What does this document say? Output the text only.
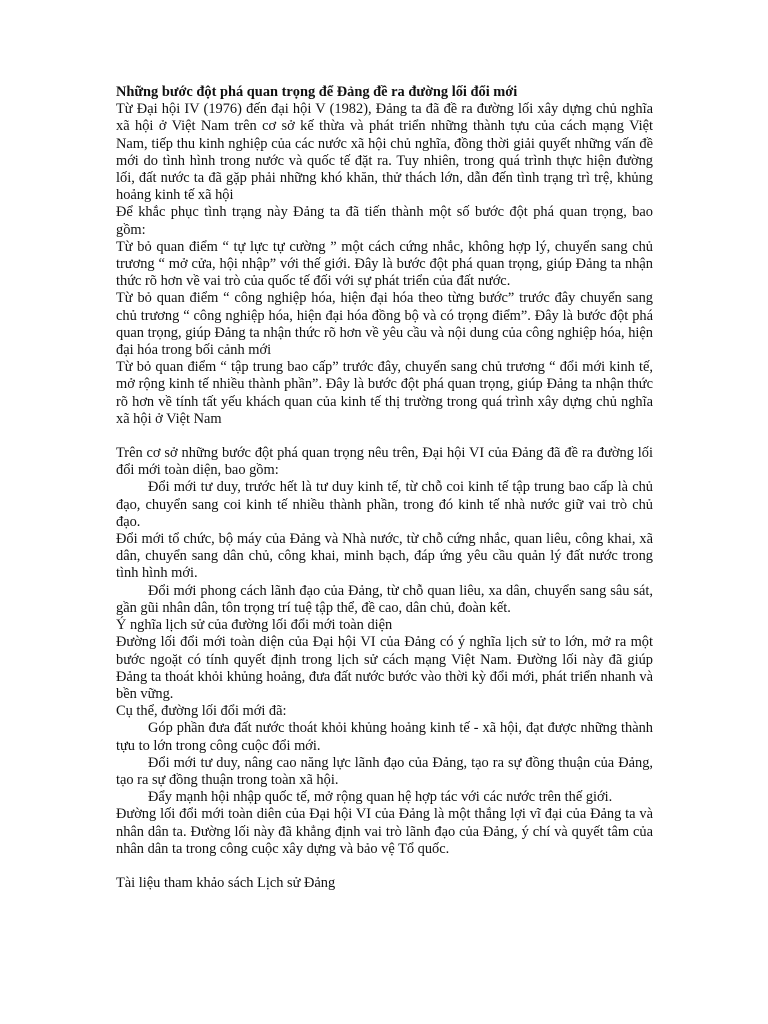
Những bước đột phá quan trọng để Đảng đề ra đường lối đổi mới

Từ Đại hội IV (1976) đến đại hội V (1982), Đảng ta đã đề ra đường lối xây dựng chủ nghĩa xã hội ở Việt Nam trên cơ sở kế thừa và phát triển những thành tựu của cách mạng Việt Nam, tiếp thu kinh nghiệp của các nước xã hội chủ nghĩa, đồng thời giải quyết những vấn đề mới do tình hình trong nước và quốc tế đặt ra. Tuy nhiên, trong quá trình thực hiện đường lối, đất nước ta đã gặp phải những khó khăn, thử thách lớn, dẫn đến tình trạng trì trệ, khủng hoảng kinh tế xã hội

Để khắc phục tình trạng này Đảng ta đã tiến thành một số bước đột phá quan trọng, bao gồm:

Từ bỏ quan điểm “ tự lực tự cường ” một cách cứng nhắc, không hợp lý, chuyển sang chủ trương “ mở cửa, hội nhập” với thế giới. Đây là bước đột phá quan trọng, giúp Đảng ta nhận thức rõ hơn về vai trò của quốc tế đối với sự phát triển của đất nước.

Từ bỏ quan điểm “ công nghiệp hóa, hiện đại hóa theo từng bước” trước đây chuyển sang chủ trương “ công nghiệp hóa, hiện đại hóa đồng bộ và có trọng điểm”. Đây là bước đột phá quan trọng, giúp Đảng ta nhận thức rõ hơn về yêu cầu và nội dung của công nghiệp hóa, hiện đại hóa trong bối cảnh mới

Từ bỏ quan điểm “ tập trung bao cấp” trước đây, chuyển sang chủ trương “ đổi mới kinh tế, mở rộng kinh tế nhiều thành phần”. Đây là bước đột phá quan trọng, giúp Đảng ta nhận thức rõ hơn về tính tất yếu khách quan của kinh tế thị trường trong quá trình xây dựng chủ nghĩa xã hội ở Việt Nam

Trên cơ sở những bước đột phá quan trọng nêu trên, Đại hội VI của Đảng đã đề ra đường lối đổi mới toàn diện, bao gồm:

Đổi mới tư duy, trước hết là tư duy kinh tế, từ chỗ coi kinh tế tập trung bao cấp là chủ đạo, chuyển sang coi kinh tế nhiều thành phần, trong đó kinh tế nhà nước giữ vai trò chủ đạo.

Đổi mới tổ chức, bộ máy của Đảng và Nhà nước, từ chỗ cứng nhắc, quan liêu, công khai, xã dân, chuyển sang dân chủ, công khai, minh bạch, đáp ứng yêu cầu quản lý đất nước trong tình hình mới.

Đổi mới phong cách lãnh đạo của Đảng, từ chỗ quan liêu, xa dân, chuyển sang sâu sát, gần gũi nhân dân, tôn trọng trí tuệ tập thể, đề cao, dân chủ, đoàn kết.

Ý nghĩa lịch sử của đường lối đổi mới toàn diện

Đường lối đổi mới toàn diện của Đại hội VI của Đảng có ý nghĩa lịch sử to lớn, mở ra một bước ngoặt có tính quyết định trong lịch sử cách mạng Việt Nam. Đường lối này đã giúp Đảng ta thoát khỏi khủng hoảng, đưa đất nước bước vào thời kỳ đổi mới, phát triển nhanh và bền vững.

Cụ thể, đường lối đổi mới đã:

Góp phần đưa đất nước thoát khỏi khủng hoảng kinh tế - xã hội, đạt được những thành tựu to lớn trong công cuộc đổi mới.

Đổi mới tư duy, nâng cao năng lực lãnh đạo của Đảng, tạo ra sự đồng thuận của Đảng, tạo ra sự đồng thuận trong toàn xã hội.

Đẩy mạnh hội nhập quốc tế, mở rộng quan hệ hợp tác với các nước trên thế giới.

Đường lối đổi mới toàn diên của Đại hội VI của Đảng là một thắng lợi vĩ đại của Đảng ta và nhân dân ta. Đường lối này đã khẳng định vai trò lãnh đạo của Đảng, ý chí và quyết tâm của nhân dân ta trong công cuộc xây dựng và bảo vệ Tổ quốc.

Tài liệu tham khảo sách Lịch sử Đảng
